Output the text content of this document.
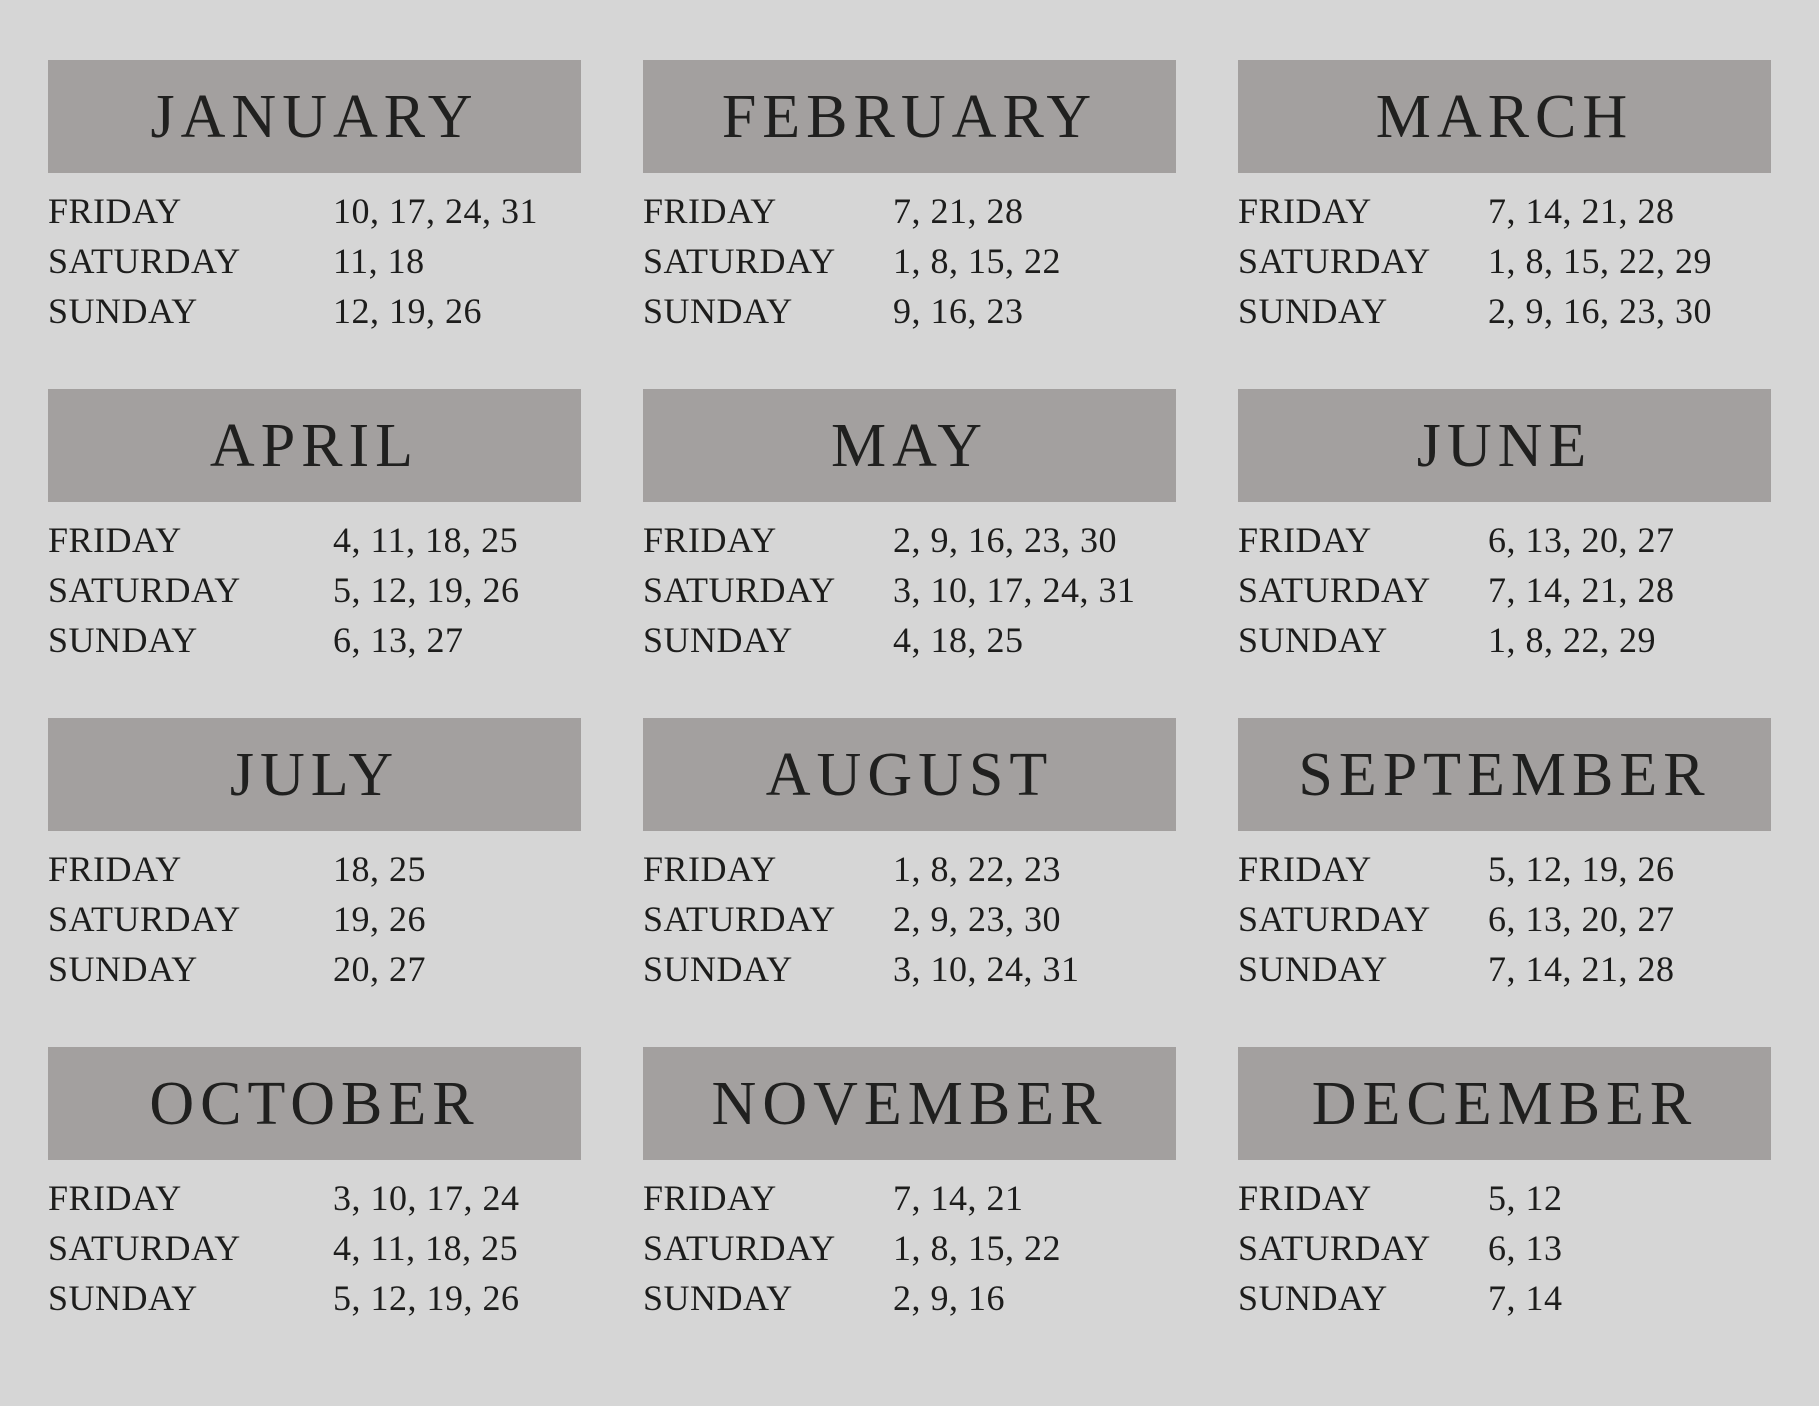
JANUARY
FRIDAY	10, 17, 24, 31
SATURDAY	11, 18
SUNDAY	12, 19, 26
FEBRUARY
FRIDAY	7, 21, 28
SATURDAY	1, 8, 15, 22
SUNDAY	9, 16, 23
MARCH
FRIDAY	7, 14, 21, 28
SATURDAY	1, 8, 15, 22, 29
SUNDAY	2, 9, 16, 23, 30
APRIL
FRIDAY	4, 11, 18, 25
SATURDAY	5, 12, 19, 26
SUNDAY	6, 13, 27
MAY
FRIDAY	2, 9, 16, 23, 30
SATURDAY	3, 10, 17, 24, 31
SUNDAY	4, 18, 25
JUNE
FRIDAY	6, 13, 20, 27
SATURDAY	7, 14, 21, 28
SUNDAY	1, 8, 22, 29
JULY
FRIDAY	18, 25
SATURDAY	19, 26
SUNDAY	20, 27
AUGUST
FRIDAY	1, 8, 22, 23
SATURDAY	2, 9, 23, 30
SUNDAY	3, 10, 24, 31
SEPTEMBER
FRIDAY	5, 12, 19, 26
SATURDAY	6, 13, 20, 27
SUNDAY	7, 14, 21, 28
OCTOBER
FRIDAY	3, 10, 17, 24
SATURDAY	4, 11, 18, 25
SUNDAY	5, 12, 19, 26
NOVEMBER
FRIDAY	7, 14, 21
SATURDAY	1, 8, 15, 22
SUNDAY	2, 9, 16
DECEMBER
FRIDAY	5, 12
SATURDAY	6, 13
SUNDAY	7, 14
